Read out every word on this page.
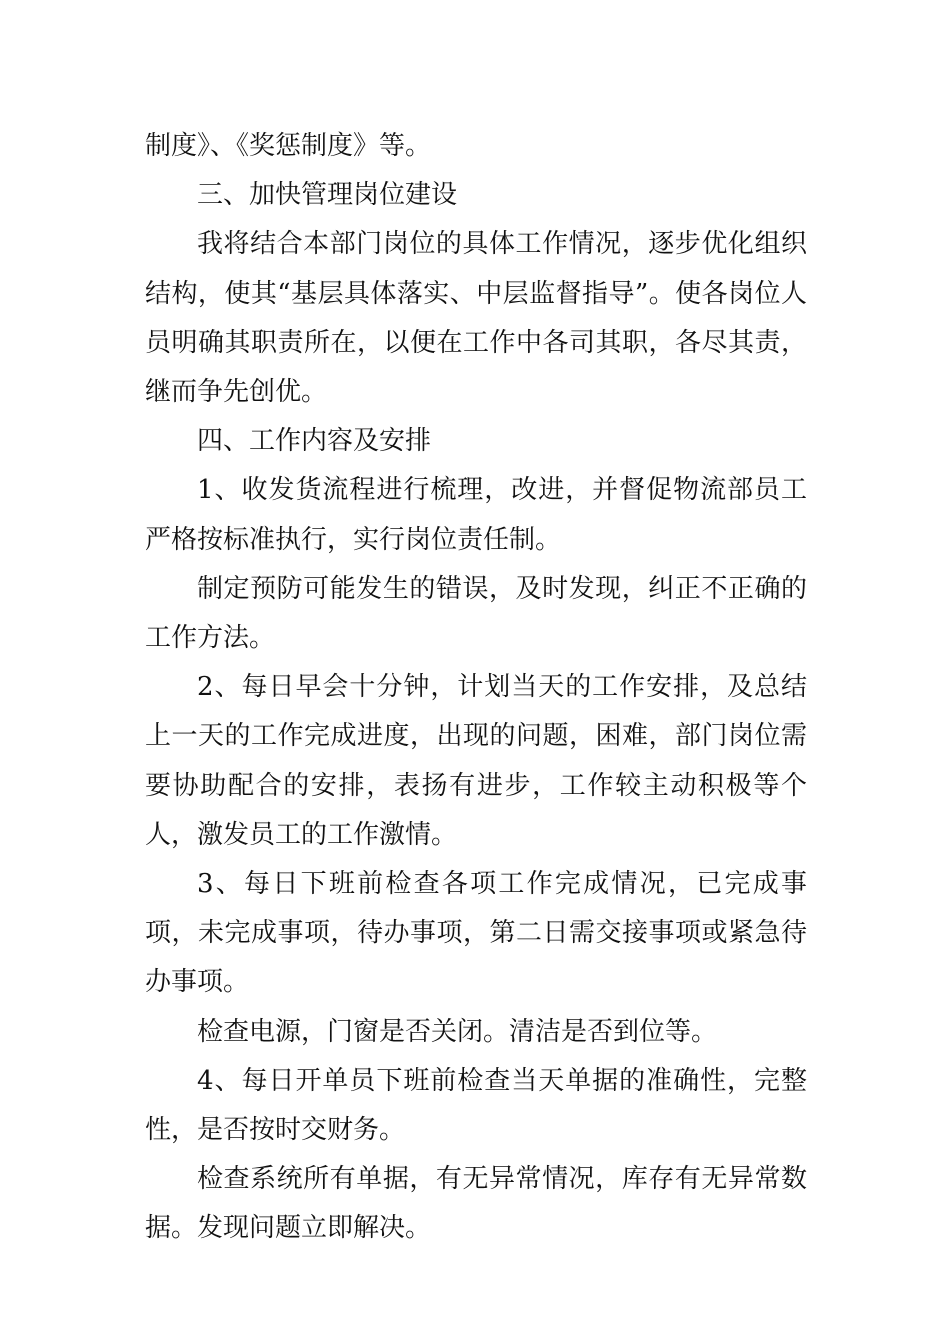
制度》、《奖惩制度》等。

三、加快管理岗位建设

我将结合本部门岗位的具体工作情况，逐步优化组织结构，使其“基层具体落实、中层监督指导”。使各岗位人员明确其职责所在，以便在工作中各司其职，各尽其责，继而争先创优。

四、工作内容及安排

1、收发货流程进行梳理，改进，并督促物流部员工严格按标准执行，实行岗位责任制。

制定预防可能发生的错误，及时发现，纠正不正确的工作方法。

2、每日早会十分钟，计划当天的工作安排，及总结上一天的工作完成进度，出现的问题，困难，部门岗位需要协助配合的安排，表扬有进步，工作较主动积极等个人，激发员工的工作激情。

3、每日下班前检查各项工作完成情况，已完成事项，未完成事项，待办事项，第二日需交接事项或紧急待办事项。

检查电源，门窗是否关闭。清洁是否到位等。

4、每日开单员下班前检查当天单据的准确性，完整性，是否按时交财务。

检查系统所有单据，有无异常情况，库存有无异常数据。发现问题立即解决。
